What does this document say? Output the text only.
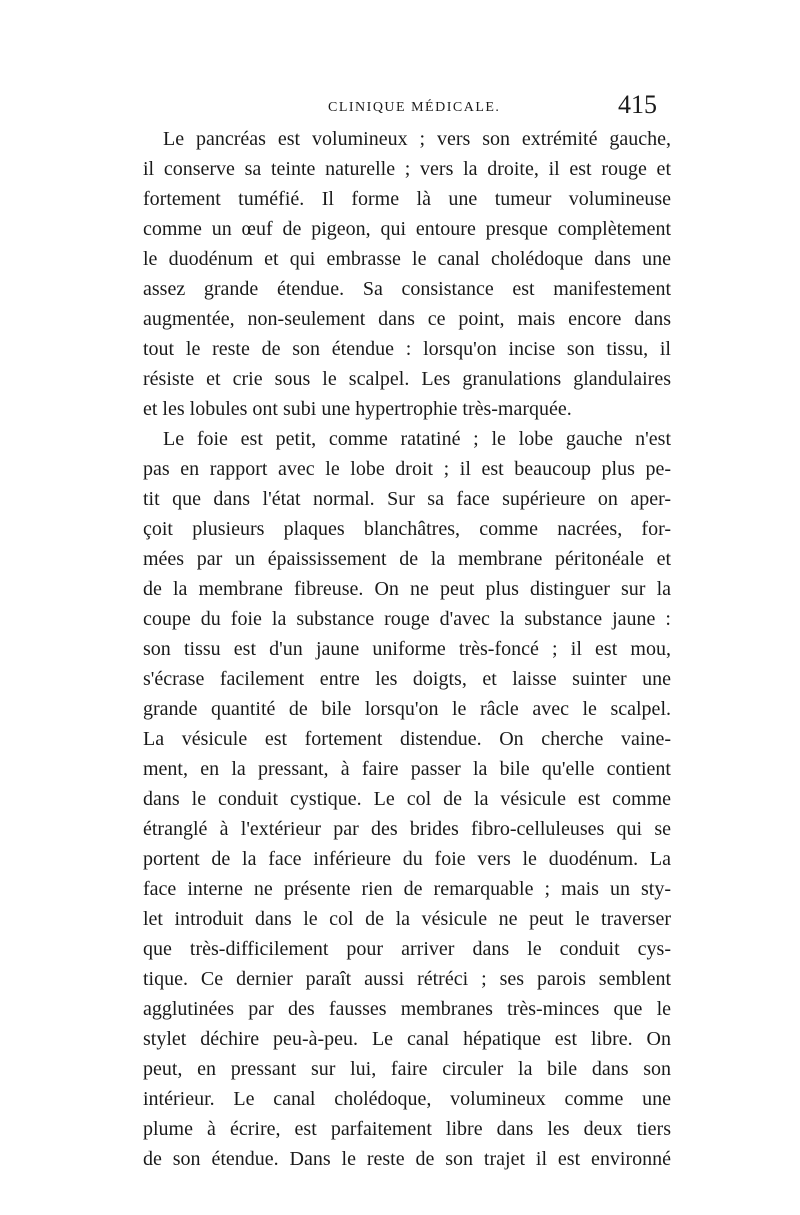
CLINIQUE MÉDICALE.	415
Le pancréas est volumineux ; vers son extrémité gauche,
il conserve sa teinte naturelle ; vers la droite, il est rouge et
fortement tuméfié. Il forme là une tumeur volumineuse
comme un œuf de pigeon, qui entoure presque complètement
le duodénum et qui embrasse le canal cholédoque dans une
assez grande étendue. Sa consistance est manifestement
augmentée, non-seulement dans ce point, mais encore dans
tout le reste de son étendue : lorsqu'on incise son tissu, il
résiste et crie sous le scalpel. Les granulations glandulaires
et les lobules ont subi une hypertrophie très-marquée.
Le foie est petit, comme ratatiné ; le lobe gauche n'est
pas en rapport avec le lobe droit ; il est beaucoup plus pe-
tit que dans l'état normal. Sur sa face supérieure on aper-
çoit plusieurs plaques blanchâtres, comme nacrées, for-
mées par un épaississement de la membrane péritonéale et
de la membrane fibreuse. On ne peut plus distinguer sur la
coupe du foie la substance rouge d'avec la substance jaune :
son tissu est d'un jaune uniforme très-foncé ; il est mou,
s'écrase facilement entre les doigts, et laisse suinter une
grande quantité de bile lorsqu'on le râcle avec le scalpel.
La vésicule est fortement distendue. On cherche vaine-
ment, en la pressant, à faire passer la bile qu'elle contient
dans le conduit cystique. Le col de la vésicule est comme
étranglé à l'extérieur par des brides fibro-celluleuses qui se
portent de la face inférieure du foie vers le duodénum. La
face interne ne présente rien de remarquable ; mais un sty-
let introduit dans le col de la vésicule ne peut le traverser
que très-difficilement pour arriver dans le conduit cys-
tique. Ce dernier paraît aussi rétréci ; ses parois semblent
agglutinées par des fausses membranes très-minces que le
stylet déchire peu-à-peu. Le canal hépatique est libre. On
peut, en pressant sur lui, faire circuler la bile dans son
intérieur. Le canal cholédoque, volumineux comme une
plume à écrire, est parfaitement libre dans les deux tiers
de son étendue. Dans le reste de son trajet il est environné
